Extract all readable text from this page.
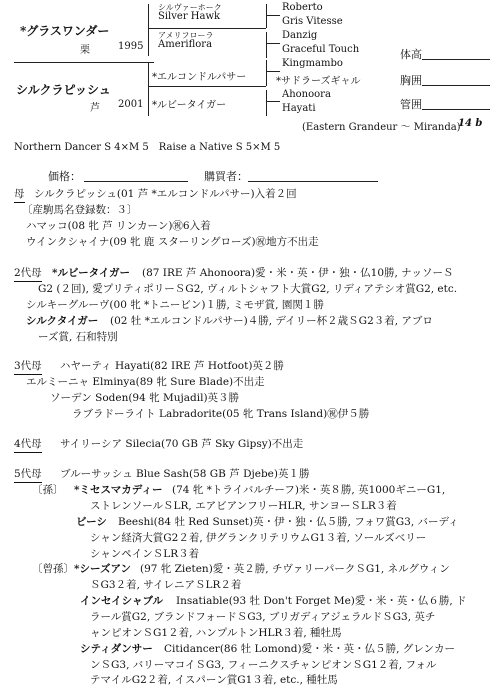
*グラスワンダー
栗	1995
シルヴァーホーク
Silver Hawk
アメリフローラ
Ameriflora
シルクラピッシュ
芦 2001
*エルコンドルパサー
*ルビータイガー
Roberto
Gris Vitesse
Danzig
Graceful Touch
Kingmambo
*サドラーズギャル
Ahonoora
Hayati
体高
胸囲
管囲
(Eastern Grandeur ～ Miranda)
14 b
Northern Dancer S 4×M 5　Raise a Native S 5×M 5
価格：	購買者：
母 シルクラピッシュ(01 芦 *エルコンドルパサー)入着２回
〔産駒馬名登録数：３〕
ハマッコ(08 牝 芦 リンカーン)㊗6入着
ウインクシャイナ(09 牝 鹿 スターリングローズ)㊗地方不出走
2代母 *ルビータイガー (87 IRE 芦 Ahonoora)愛・米・英・伊・独・仏10勝, ナッソーＳ
G2 (２回), 愛プリティポリーＳG2, ヴィルトシャフト大賞G2, リディアテシオ賞G2, etc.
シルキーグルーヴ(00 牝 *トニービン)１勝, ミモザ賞, 園関１勝
シルクタイガー (02 牡 *エルコンドルパサー)４勝, デイリー杯２歳ＳG2３着, アブロ
ーズ賞, 石和特別
3代母 ハヤーティ Hayati(82 IRE 芦 Hotfoot)英２勝
エルミーニャ Elminya(89 牝 Sure Blade)不出走
ソーデン Soden(94 牝 Mujadil)英３勝
ラブラドーライト Labradorite(05 牝 Trans Island)㊗伊５勝
4代母 サイリーシア Silecia(70 GB 芦 Sky Gipsy)不出走
5代母 ブルーサッシュ Blue Sash(58 GB 芦 Djebe)英１勝
〔孫〕 *ミセスマカディー (74 牝 *トライバルチーフ)米・英８勝, 英1000ギニーG1,
ストレンソールＳLR, エアビアンフリーHLR, サンヨーＳLR３着
ビーシ Beeshi(84 牡 Red Sunset)英・伊・独・仏５勝, フォワ賞G3, バーディ
シャン経済大賞G2２着, 伊グランクリテリウムG1３着, ソールズベリー
シャンペインＳLR３着
〔曾孫〕 *シーズアン (97 牝 Zieten)愛・英２勝, チヴァリーパークＳG1, ネルグウィン
ＳG3２着, サイレニアＳLR２着
インセイシャブル Insatiable(93 牡 Don't Forget Me)愛・米・英・仏６勝, ド
ラール賞G2, ブランドフォードＳG3, ブリガディアジェラルドＳG3, 英チ
ャンピオンＳG1２着, ハンプルトンHLR３着, 種牡馬
シティダンサー Citidancer(86 牡 Lomond)愛・米・英・仏５勝, グレンカー
ンＳG3, バリーマコイＳG3, フィーニクスチャンピオンＳG1２着, フォル
テマイルG2２着, イスパーン賞G1３着, etc., 種牡馬
